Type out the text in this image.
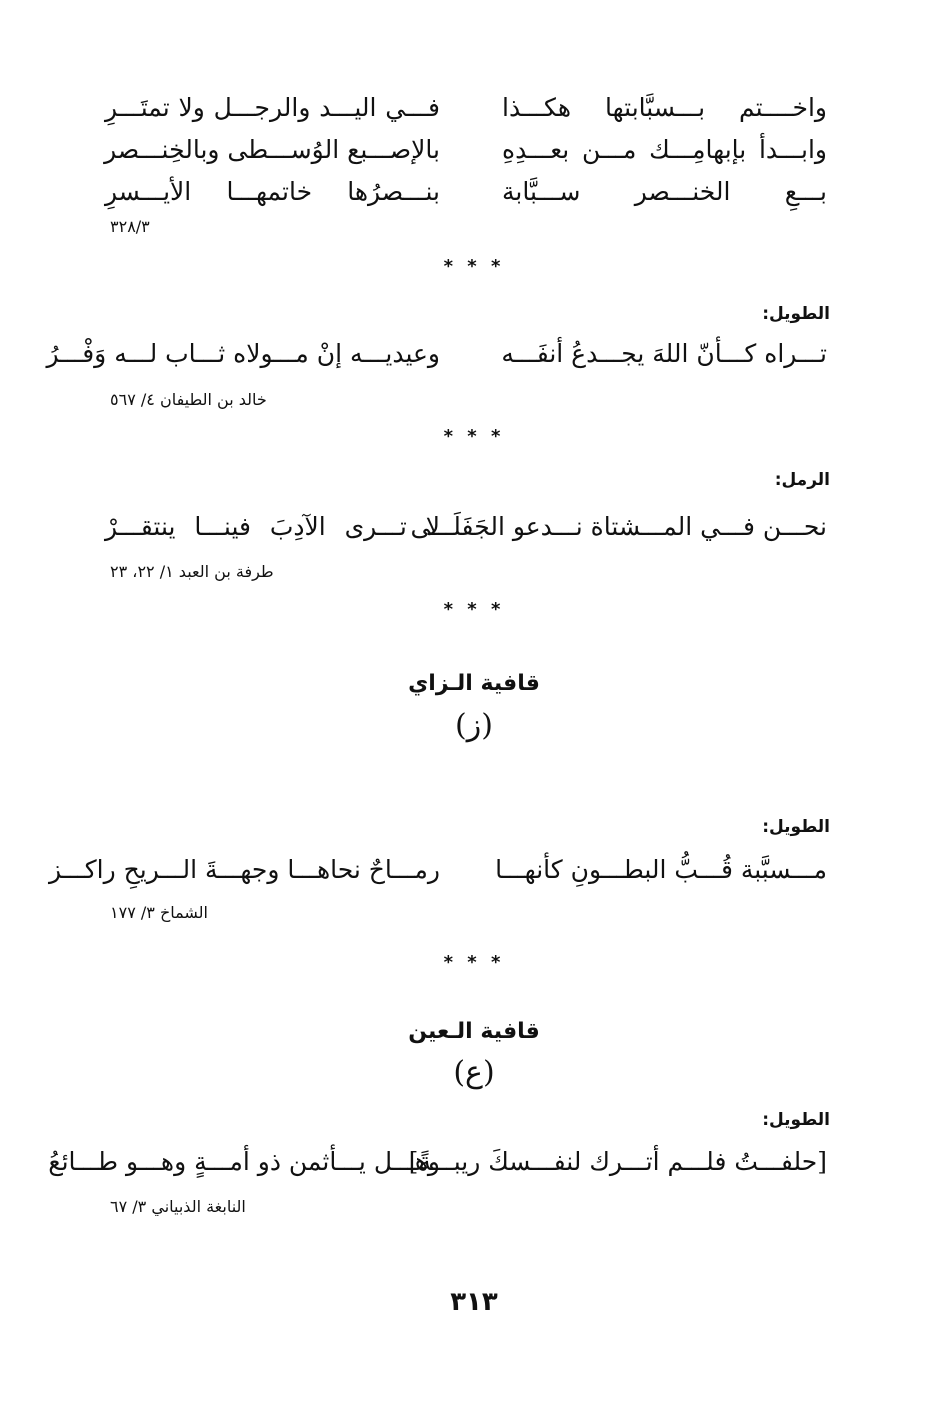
واخــــتم بـــسبَّابتها هكـــذا
فـــي اليـــد والرجـــل ولا تمتَـــرِ
وابـــدأ بإبهامِـــك مـــن بعـــدِهِ
بالإصـــبع الوُســـطى وبالخِنـــصر
بـــعِ الخنـــصر ســـبَّابة
بنـــصرُها خاتمهـــا الأيـــسرِ
٣٢٨/٣
* * *
الطويل:
تـــراه كـــأنّ اللهَ يجـــدعُ أنفَـــه
وعيديـــه إنْ مـــولاه ثـــاب لـــه وَفْـــرُ
خالد بن الطيفان ٤/ ٥٦٧
* * *
الرمل:
نحـــن فـــي المـــشتاة نـــدعو الجَفَلَـــى
لا تـــرى الآدِبَ فينـــا ينتقـــرْ
طرفة بن العبد ١/ ٢٢، ٢٣
* * *
قافية الـزاي
(ز)
الطويل:
مـــسبَّبة قُـــبُّ البطـــونِ كأنهـــا
رمـــاحٌ نحاهـــا وجهـــةَ الـــريحِ راكـــز
الشماخ ٣/ ١٧٧
* * *
قافية الـعين
(ع)
الطويل:
[حلفـــتُ فلـــم أتـــرك لنفـــسكَ ريبـــةً]
وهـــل يـــأثمن ذو أمـــةٍ وهـــو طـــائعُ
النابغة الذبياني ٣/ ٦٧
٣١٣
